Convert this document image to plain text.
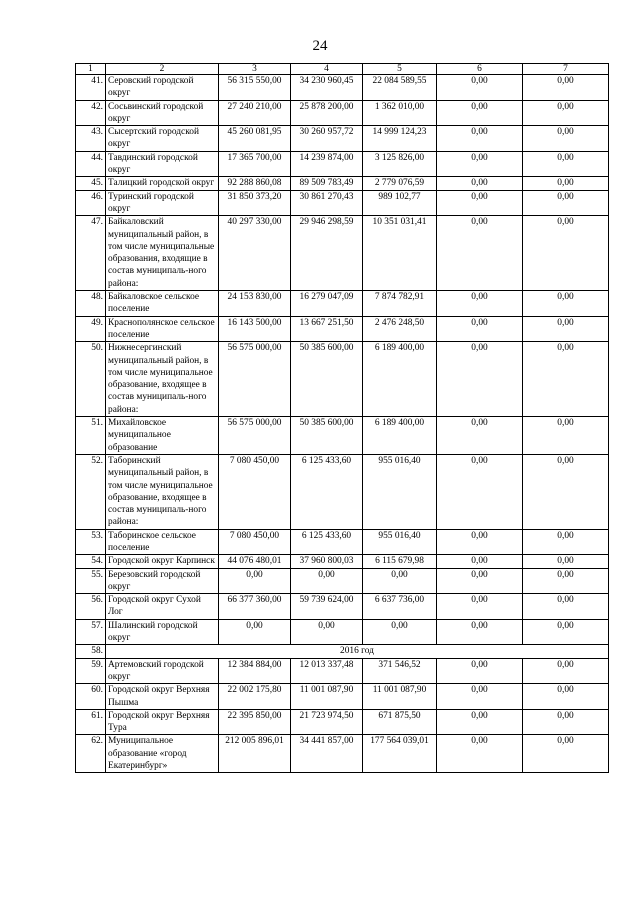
24
1	2	3	4	5	6	7
41.	Серовский городской округ	56 315 550,00	34 230 960,45	22 084 589,55	0,00	0,00
42.	Сосьвинский городской округ	27 240 210,00	25 878 200,00	1 362 010,00	0,00	0,00
43.	Сысертский городской округ	45 260 081,95	30 260 957,72	14 999 124,23	0,00	0,00
44.	Тавдинский городской округ	17 365 700,00	14 239 874,00	3 125 826,00	0,00	0,00
45.	Талицкий городской округ	92 288 860,08	89 509 783,49	2 779 076,59	0,00	0,00
46.	Туринский городской округ	31 850 373,20	30 861 270,43	989 102,77	0,00	0,00
47.	Байкаловский муниципальный район, в том числе муниципальные образования, входящие в состав муниципаль-ного района:	40 297 330,00	29 946 298,59	10 351 031,41	0,00	0,00
48.	Байкаловское сельское поселение	24 153 830,00	16 279 047,09	7 874 782,91	0,00	0,00
49.	Краснополянское сельское поселение	16 143 500,00	13 667 251,50	2 476 248,50	0,00	0,00
50.	Нижнесергинский муниципальный район, в том числе муниципальное образование, входящее в состав муниципаль-ного района:	56 575 000,00	50 385 600,00	6 189 400,00	0,00	0,00
51.	Михайловское муниципальное образование	56 575 000,00	50 385 600,00	6 189 400,00	0,00	0,00
52.	Таборинский муниципальный район, в том числе муниципальное образование, входящее в состав муниципаль-ного района:	7 080 450,00	6 125 433,60	955 016,40	0,00	0,00
53.	Таборинское сельское поселение	7 080 450,00	6 125 433,60	955 016,40	0,00	0,00
54.	Городской округ Карпинск	44 076 480,01	37 960 800,03	6 115 679,98	0,00	0,00
55.	Березовский городской округ	0,00	0,00	0,00	0,00	0,00
56.	Городской округ Сухой Лог	66 377 360,00	59 739 624,00	6 637 736,00	0,00	0,00
57.	Шалинский городской округ	0,00	0,00	0,00	0,00	0,00
58.	2016 год					
59.	Артемовский городской округ	12 384 884,00	12 013 337,48	371 546,52	0,00	0,00
60.	Городской округ Верхняя Пышма	22 002 175,80	11 001 087,90	11 001 087,90	0,00	0,00
61.	Городской округ Верхняя Тура	22 395 850,00	21 723 974,50	671 875,50	0,00	0,00
62.	Муниципальное образование «город Екатеринбург»	212 005 896,01	34 441 857,00	177 564 039,01	0,00	0,00
